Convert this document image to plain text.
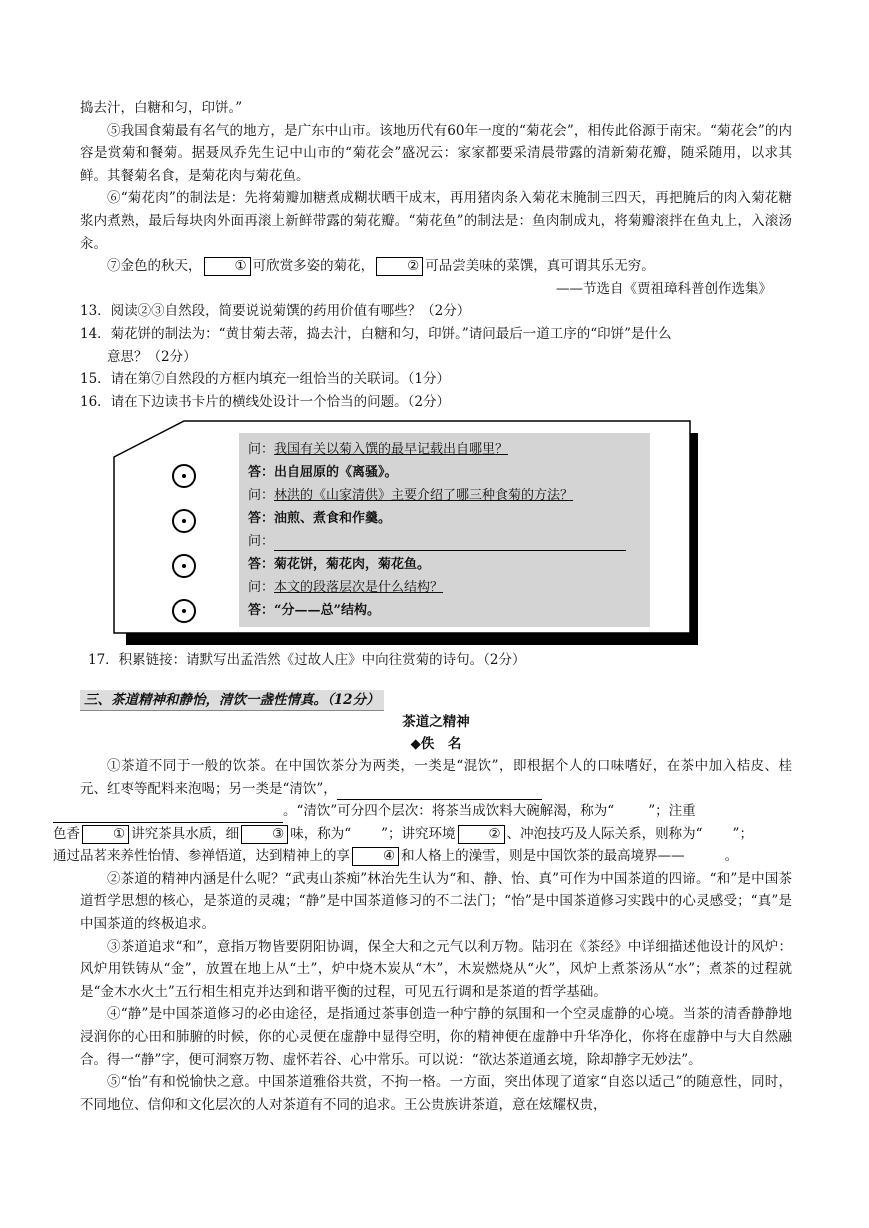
捣去汁，白糖和匀，印饼。”

⑤我国食菊最有名气的地方，是广东中山市。该地历代有60年一度的“菊花会”，相传此俗源于南宋。“菊花会”的内容是赏菊和餐菊。据聂凤乔先生记中山市的“菊花会”盛况云：家家都要采清晨带露的清新菊花瓣，随采随用，以求其鲜。其餐菊名食，是菊花肉与菊花鱼。

⑥“菊花肉”的制法是：先将菊瓣加糖煮成糊状晒干成末，再用猪肉条入菊花末腌制三四天，再把腌后的肉入菊花糖浆内煮熟，最后每块肉外面再滚上新鲜带露的菊花瓣。“菊花鱼”的制法是：鱼肉制成丸，将菊瓣滚拌在鱼丸上，入滚汤汆。

⑦金色的秋天， ① 可欣赏多姿的菊花， ② 可品尝美味的菜馔，真可谓其乐无穷。

——节选自《贾祖璋科普创作选集》

13．阅读②③自然段，简要说说菊馔的药用价值有哪些？（2分）

14．菊花饼的制法为：“黄甘菊去蒂，捣去汁，白糖和匀，印饼。”请问最后一道工序的“印饼”是什么

意思？（2分）

15．请在第⑦自然段的方框内填充一组恰当的关联词。（1分）

16．请在下边读书卡片的横线处设计一个恰当的问题。（2分）

问：我国有关以菊入馔的最早记载出自哪里？
答：出自屈原的《离骚》。
问：林洪的《山家清供》主要介绍了哪三种食菊的方法？
答：油煎、煮食和作羹。
问：
答：菊花饼，菊花肉，菊花鱼。
问：本文的段落层次是什么结构？
答：“分——总”结构。

17．积累链接：请默写出孟浩然《过故人庄》中向往赏菊的诗句。（2分）

三、茶道精神和静怡，清饮一盏性情真。（12分）
茶道之精神
◆佚　名

①茶道不同于一般的饮茶。在中国饮茶分为两类，一类是“混饮”，即根据个人的口味嗜好，在茶中加入桔皮、桂元、红枣等配料来泡喝；另一类是“清饮”，
。“清饮”可分四个层次：将茶当成饮料大碗解渴，称为“	”；注重
色香 ① 讲究茶具水质，细 ③ 味，称为“ ”；讲究环境 ② 、冲泡技巧及人际关系，则称为“ ”；
通过品茗来养性怡情、参禅悟道，达到精神上的享 ④ 和人格上的澡雪，则是中国饮茶的最高境界——	。

②茶道的精神内涵是什么呢？“武夷山茶痴”林治先生认为“和、静、怡、真”可作为中国茶道的四谛。“和”是中国茶道哲学思想的核心，是茶道的灵魂；“静”是中国茶道修习的不二法门；“怡”是中国茶道修习实践中的心灵感受；“真”是中国茶道的终极追求。

③茶道追求“和”，意指万物皆要阴阳协调，保全大和之元气以利万物。陆羽在《茶经》中详细描述他设计的风炉：风炉用铁铸从“金”，放置在地上从“土”，炉中烧木炭从“木”，木炭燃烧从“火”，风炉上煮茶汤从“水”；煮茶的过程就是“金木水火土”五行相生相克并达到和谐平衡的过程，可见五行调和是茶道的哲学基础。

④“静”是中国茶道修习的必由途径，是指通过茶事创造一种宁静的氛围和一个空灵虚静的心境。当茶的清香静静地浸润你的心田和肺腑的时候，你的心灵便在虚静中显得空明，你的精神便在虚静中升华净化，你将在虚静中与大自然融合。得一“静”字，便可洞察万物、虚怀若谷、心中常乐。可以说：“欲达茶道通玄境，除却静字无妙法”。

⑤“怡”有和悦愉快之意。中国茶道雅俗共赏，不拘一格。一方面，突出体现了道家“自恣以适己”的随意性，同时，不同地位、信仰和文化层次的人对茶道有不同的追求。王公贵族讲茶道，意在炫耀权贵，
